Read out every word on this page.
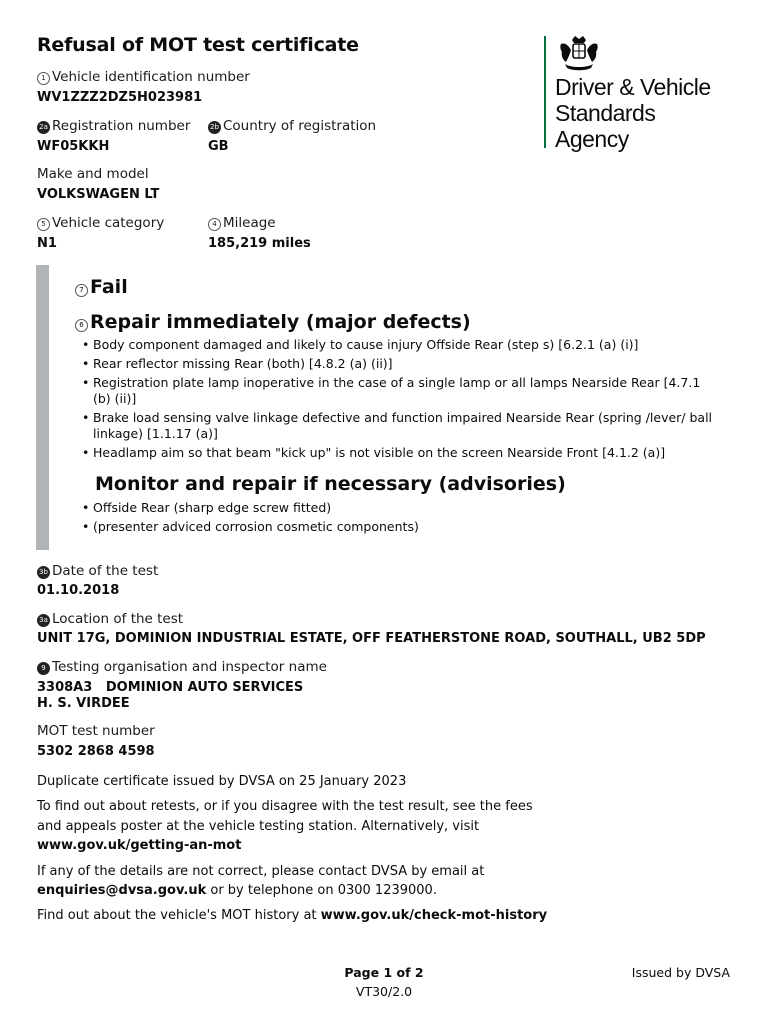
Refusal of MOT test certificate
Driver & Vehicle
Standards
Agency
1 Vehicle identification number
WV1ZZZ2DZ5H023981
2a Registration number
WF05KKH
2b Country of registration
GB
Make and model
VOLKSWAGEN LT
5 Vehicle category
N1
4 Mileage
185,219 miles
7 Fail
6 Repair immediately (major defects)
• Body component damaged and likely to cause injury Offside Rear (step s) [6.2.1 (a) (i)]
• Rear reflector missing Rear (both) [4.8.2 (a) (ii)]
• Registration plate lamp inoperative in the case of a single lamp or all lamps Nearside Rear [4.7.1 (b) (ii)]
• Brake load sensing valve linkage defective and function impaired Nearside Rear (spring /lever/ ball linkage) [1.1.17 (a)]
• Headlamp aim so that beam "kick up" is not visible on the screen Nearside Front [4.1.2 (a)]
Monitor and repair if necessary (advisories)
• Offside Rear (sharp edge screw fitted)
• (presenter adviced corrosion cosmetic components)
3b Date of the test
01.10.2018
3a Location of the test
UNIT 17G, DOMINION INDUSTRIAL ESTATE, OFF FEATHERSTONE ROAD, SOUTHALL, UB2 5DP
9 Testing organisation and inspector name
3308A3   DOMINION AUTO SERVICES
H. S. VIRDEE
MOT test number
5302 2868 4598
Duplicate certificate issued by DVSA on 25 January 2023
To find out about retests, or if you disagree with the test result, see the fees
and appeals poster at the vehicle testing station. Alternatively, visit
www.gov.uk/getting-an-mot
If any of the details are not correct, please contact DVSA by email at
enquiries@dvsa.gov.uk or by telephone on 0300 1239000.
Find out about the vehicle's MOT history at www.gov.uk/check-mot-history
Page 1 of 2
VT30/2.0
Issued by DVSA
